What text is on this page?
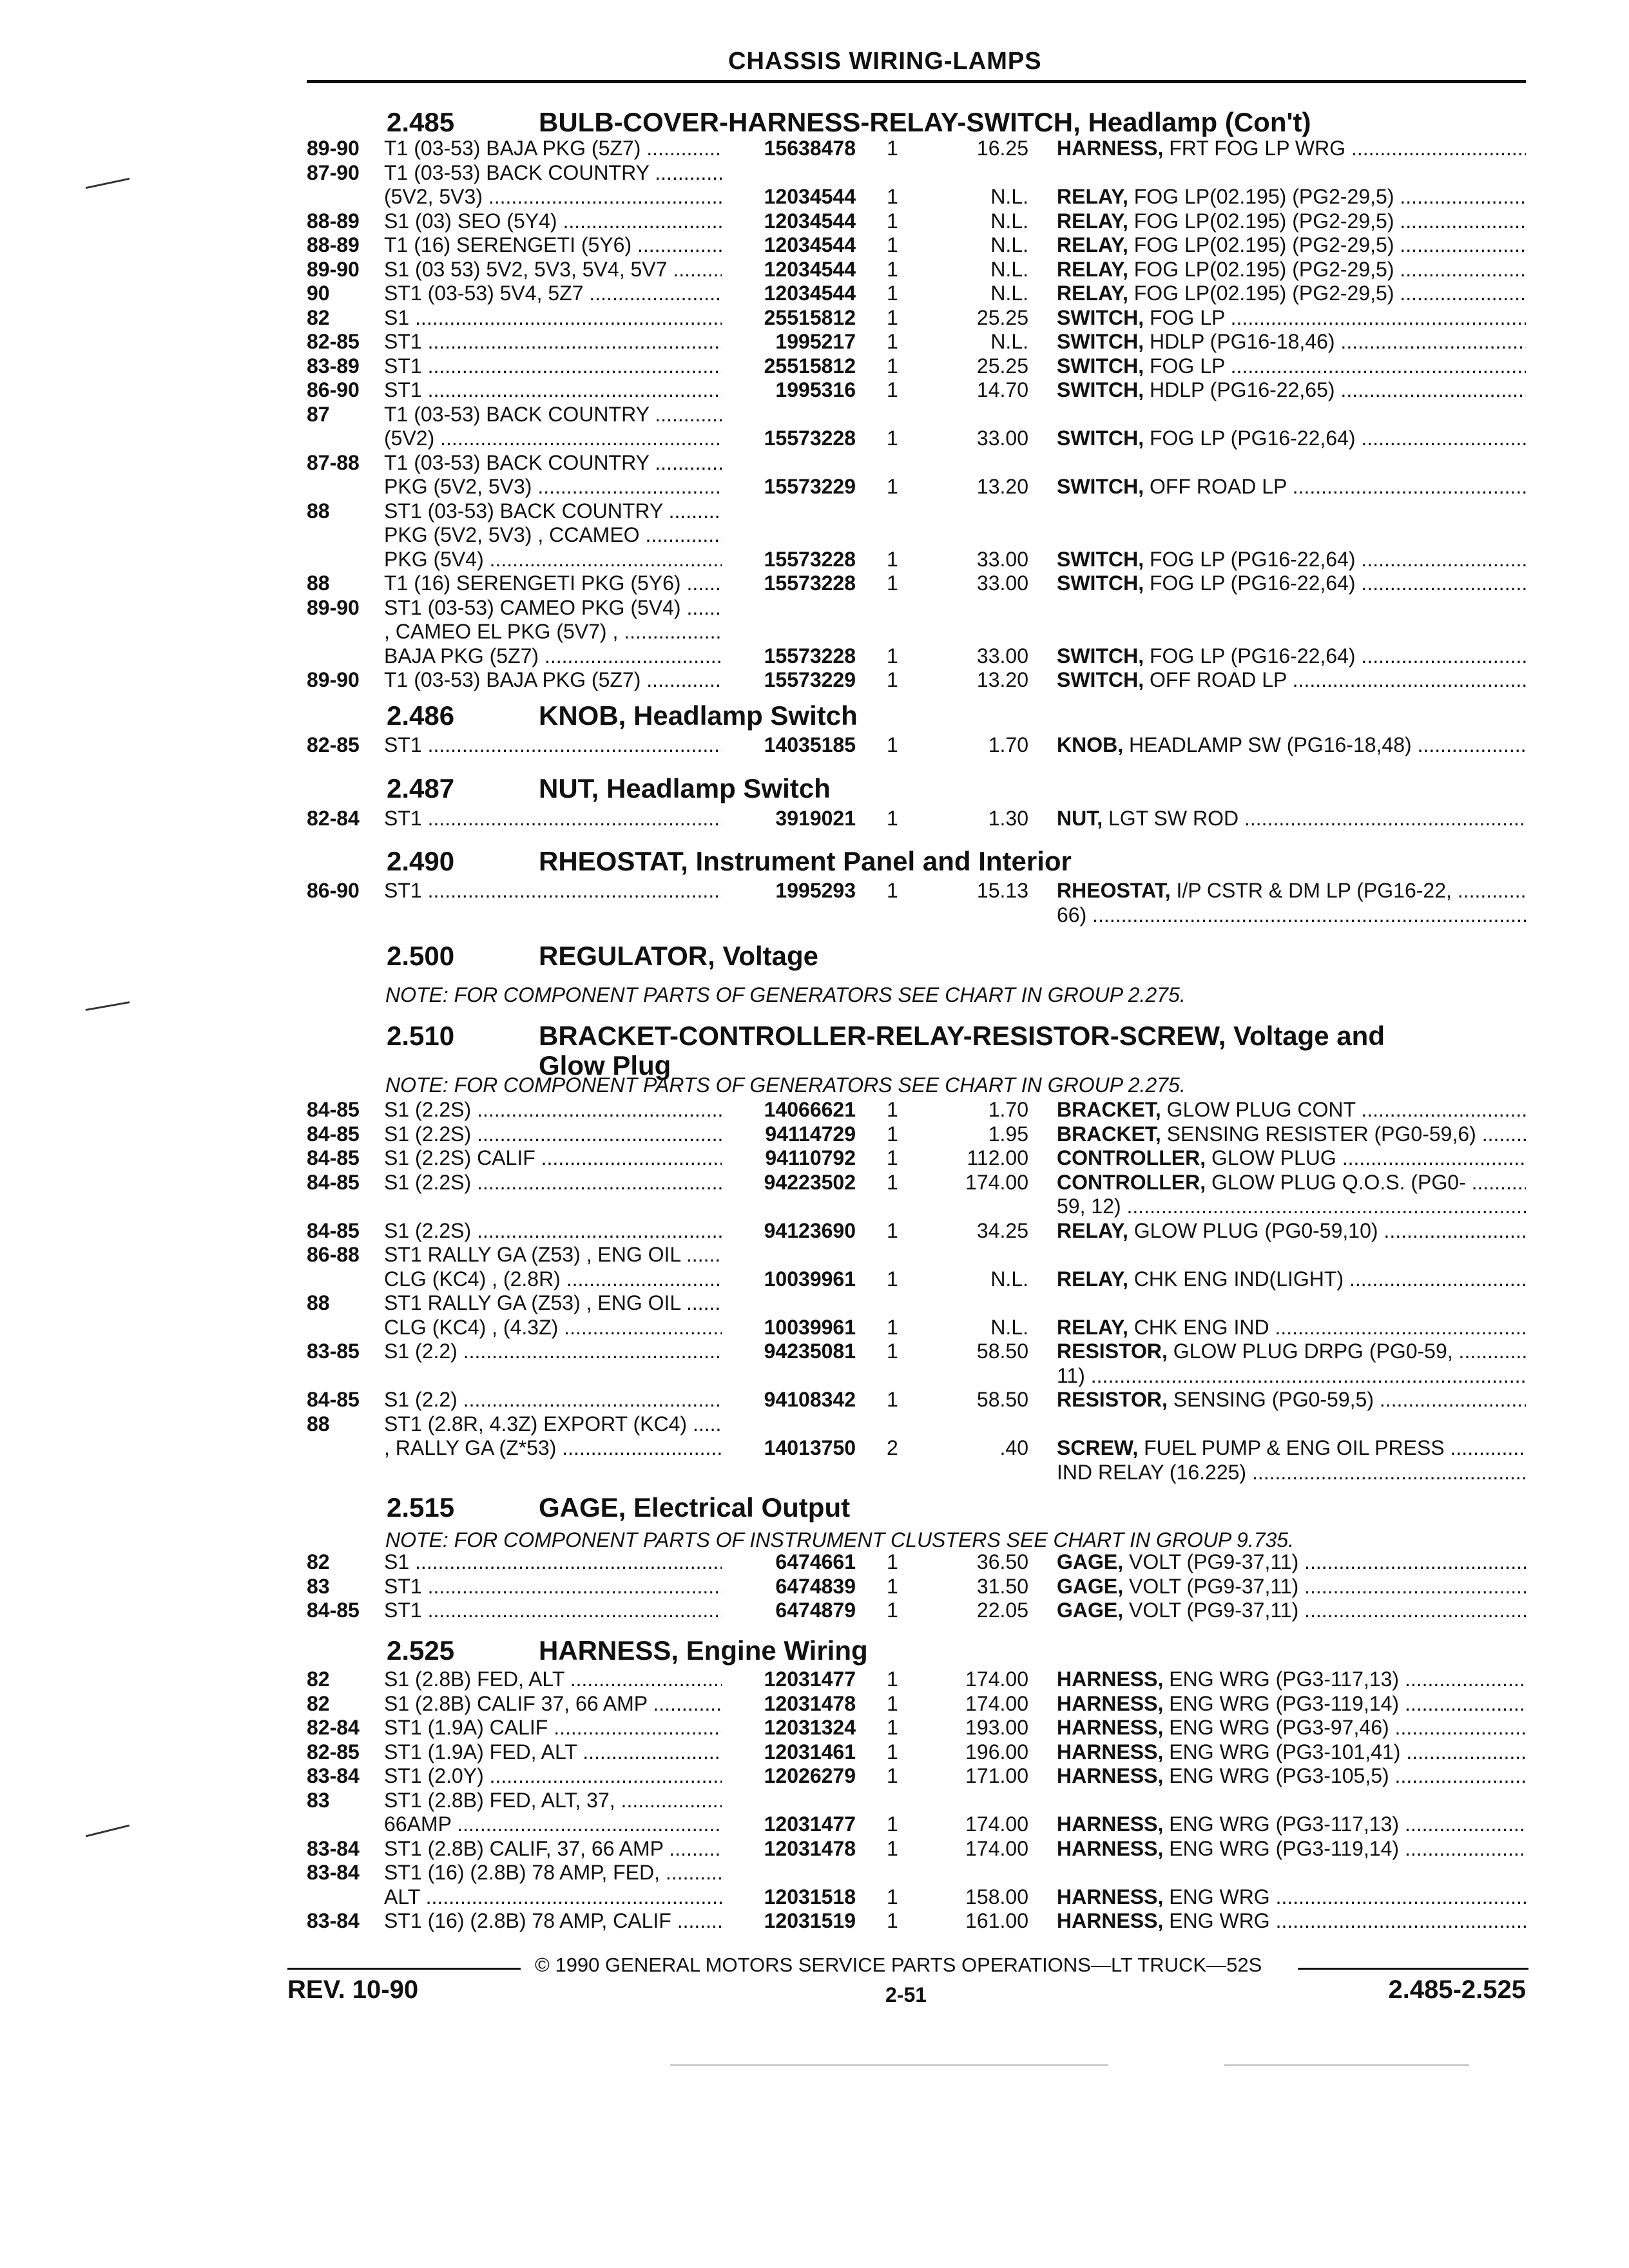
CHASSIS WIRING-LAMPS
2.485	BULB-COVER-HARNESS-RELAY-SWITCH, Headlamp (Con't)
89-90 T1 (03-53) BAJA PKG (5Z7) .....	15638478 1	16.25 HARNESS, FRT FOG LP WRG .....
87-90 T1 (03-53) BACK COUNTRY .....
(5V2, 5V3) .....	12034544 1	N.L. RELAY, FOG LP(02.195) (PG2-29,5) .....
88-89 S1 (03) SEO (5Y4) .....	12034544 1	N.L. RELAY, FOG LP(02.195) (PG2-29,5) .....
88-89 T1 (16) SERENGETI (5Y6) .....	12034544 1	N.L. RELAY, FOG LP(02.195) (PG2-29,5) .....
89-90 S1 (03 53) 5V2, 5V3, 5V4, 5V7 .....	12034544 1	N.L. RELAY, FOG LP(02.195) (PG2-29,5) .....
90	ST1 (03-53) 5V4, 5Z7 .....	12034544 1	N.L. RELAY, FOG LP(02.195) (PG2-29,5) .....
82	S1 .....	25515812 1	25.25 SWITCH, FOG LP .....
82-85 ST1 .....	1995217 1	N.L. SWITCH, HDLP (PG16-18,46) .....
83-89 ST1 .....	25515812 1	25.25 SWITCH, FOG LP .....
86-90 ST1 .....	1995316 1	14.70 SWITCH, HDLP (PG16-22,65) .....
87	T1 (03-53) BACK COUNTRY .....
(5V2) .....	15573228 1	33.00 SWITCH, FOG LP (PG16-22,64) .....
87-88 T1 (03-53) BACK COUNTRY .....
PKG (5V2, 5V3) .....	15573229 1	13.20 SWITCH, OFF ROAD LP .....
88	ST1 (03-53) BACK COUNTRY .....
PKG (5V2, 5V3) , CCAMEO .....
PKG (5V4) .....	15573228 1	33.00 SWITCH, FOG LP (PG16-22,64) .....
88	T1 (16) SERENGETI PKG (5Y6) .....	15573228 1	33.00 SWITCH, FOG LP (PG16-22,64) .....
89-90 ST1 (03-53) CAMEO PKG (5V4) .....
, CAMEO EL PKG (5V7) , .....
BAJA PKG (5Z7) .....	15573228 1	33.00 SWITCH, FOG LP (PG16-22,64) .....
89-90 T1 (03-53) BAJA PKG (5Z7) .....	15573229 1	13.20 SWITCH, OFF ROAD LP .....
2.486	KNOB, Headlamp Switch
82-85 ST1 .....	14035185 1	1.70 KNOB, HEADLAMP SW (PG16-18,48) .....
2.487	NUT, Headlamp Switch
82-84 ST1 .....	3919021 1	1.30 NUT, LGT SW ROD .....
2.490	RHEOSTAT, Instrument Panel and Interior
86-90 ST1 .....	1995293 1	15.13 RHEOSTAT, I/P CSTR & DM LP (PG16-22, .....
66) .....
2.500	REGULATOR, Voltage
NOTE: FOR COMPONENT PARTS OF GENERATORS SEE CHART IN GROUP 2.275.
2.510	BRACKET-CONTROLLER-RELAY-RESISTOR-SCREW, Voltage and
Glow Plug
NOTE: FOR COMPONENT PARTS OF GENERATORS SEE CHART IN GROUP 2.275.
84-85 S1 (2.2S) .....	14066621 1	1.70 BRACKET, GLOW PLUG CONT .....
84-85 S1 (2.2S) .....	94114729 1	1.95 BRACKET, SENSING RESISTER (PG0-59,6) .....
84-85 S1 (2.2S) CALIF .....	94110792 1	112.00 CONTROLLER, GLOW PLUG .....
84-85 S1 (2.2S) .....	94223502 1	174.00 CONTROLLER, GLOW PLUG Q.O.S. (PG0- .....
59, 12) .....
84-85 S1 (2.2S) .....	94123690 1	34.25 RELAY, GLOW PLUG (PG0-59,10) .....
86-88 ST1 RALLY GA (Z53) , ENG OIL .....
CLG (KC4) , (2.8R) .....	10039961 1	N.L. RELAY, CHK ENG IND(LIGHT) .....
88	ST1 RALLY GA (Z53) , ENG OIL .....
CLG (KC4) , (4.3Z) .....	10039961 1	N.L. RELAY, CHK ENG IND .....
83-85 S1 (2.2) .....	94235081 1	58.50 RESISTOR, GLOW PLUG DRPG (PG0-59, .....
11) .....
84-85 S1 (2.2) .....	94108342 1	58.50 RESISTOR, SENSING (PG0-59,5) .....
88	ST1 (2.8R, 4.3Z) EXPORT (KC4) .....
, RALLY GA (Z*53) .....	14013750 2	.40 SCREW, FUEL PUMP & ENG OIL PRESS .....
IND RELAY (16.225) .....
2.515	GAGE, Electrical Output
NOTE: FOR COMPONENT PARTS OF INSTRUMENT CLUSTERS SEE CHART IN GROUP 9.735.
82	S1 .....	6474661 1	36.50 GAGE, VOLT (PG9-37,11) .....
83	ST1 .....	6474839 1	31.50 GAGE, VOLT (PG9-37,11) .....
84-85 ST1 .....	6474879 1	22.05 GAGE, VOLT (PG9-37,11) .....
2.525	HARNESS, Engine Wiring
82	S1 (2.8B) FED, ALT .....	12031477 1	174.00 HARNESS, ENG WRG (PG3-117,13) .....
82	S1 (2.8B) CALIF 37, 66 AMP .....	12031478 1	174.00 HARNESS, ENG WRG (PG3-119,14) .....
82-84 ST1 (1.9A) CALIF .....	12031324 1	193.00 HARNESS, ENG WRG (PG3-97,46) .....
82-85 ST1 (1.9A) FED, ALT .....	12031461 1	196.00 HARNESS, ENG WRG (PG3-101,41) .....
83-84 ST1 (2.0Y) .....	12026279 1	171.00 HARNESS, ENG WRG (PG3-105,5) .....
83	ST1 (2.8B) FED, ALT, 37, .....
66AMP .....	12031477 1	174.00 HARNESS, ENG WRG (PG3-117,13) .....
83-84 ST1 (2.8B) CALIF, 37, 66 AMP .....	12031478 1	174.00 HARNESS, ENG WRG (PG3-119,14) .....
83-84 ST1 (16) (2.8B) 78 AMP, FED, .....
ALT .....	12031518 1	158.00 HARNESS, ENG WRG .....
83-84 ST1 (16) (2.8B) 78 AMP, CALIF .....	12031519 1	161.00 HARNESS, ENG WRG .....
© 1990 GENERAL MOTORS SERVICE PARTS OPERATIONS—LT TRUCK—52S
REV. 10-90	2-51	2.485-2.525
